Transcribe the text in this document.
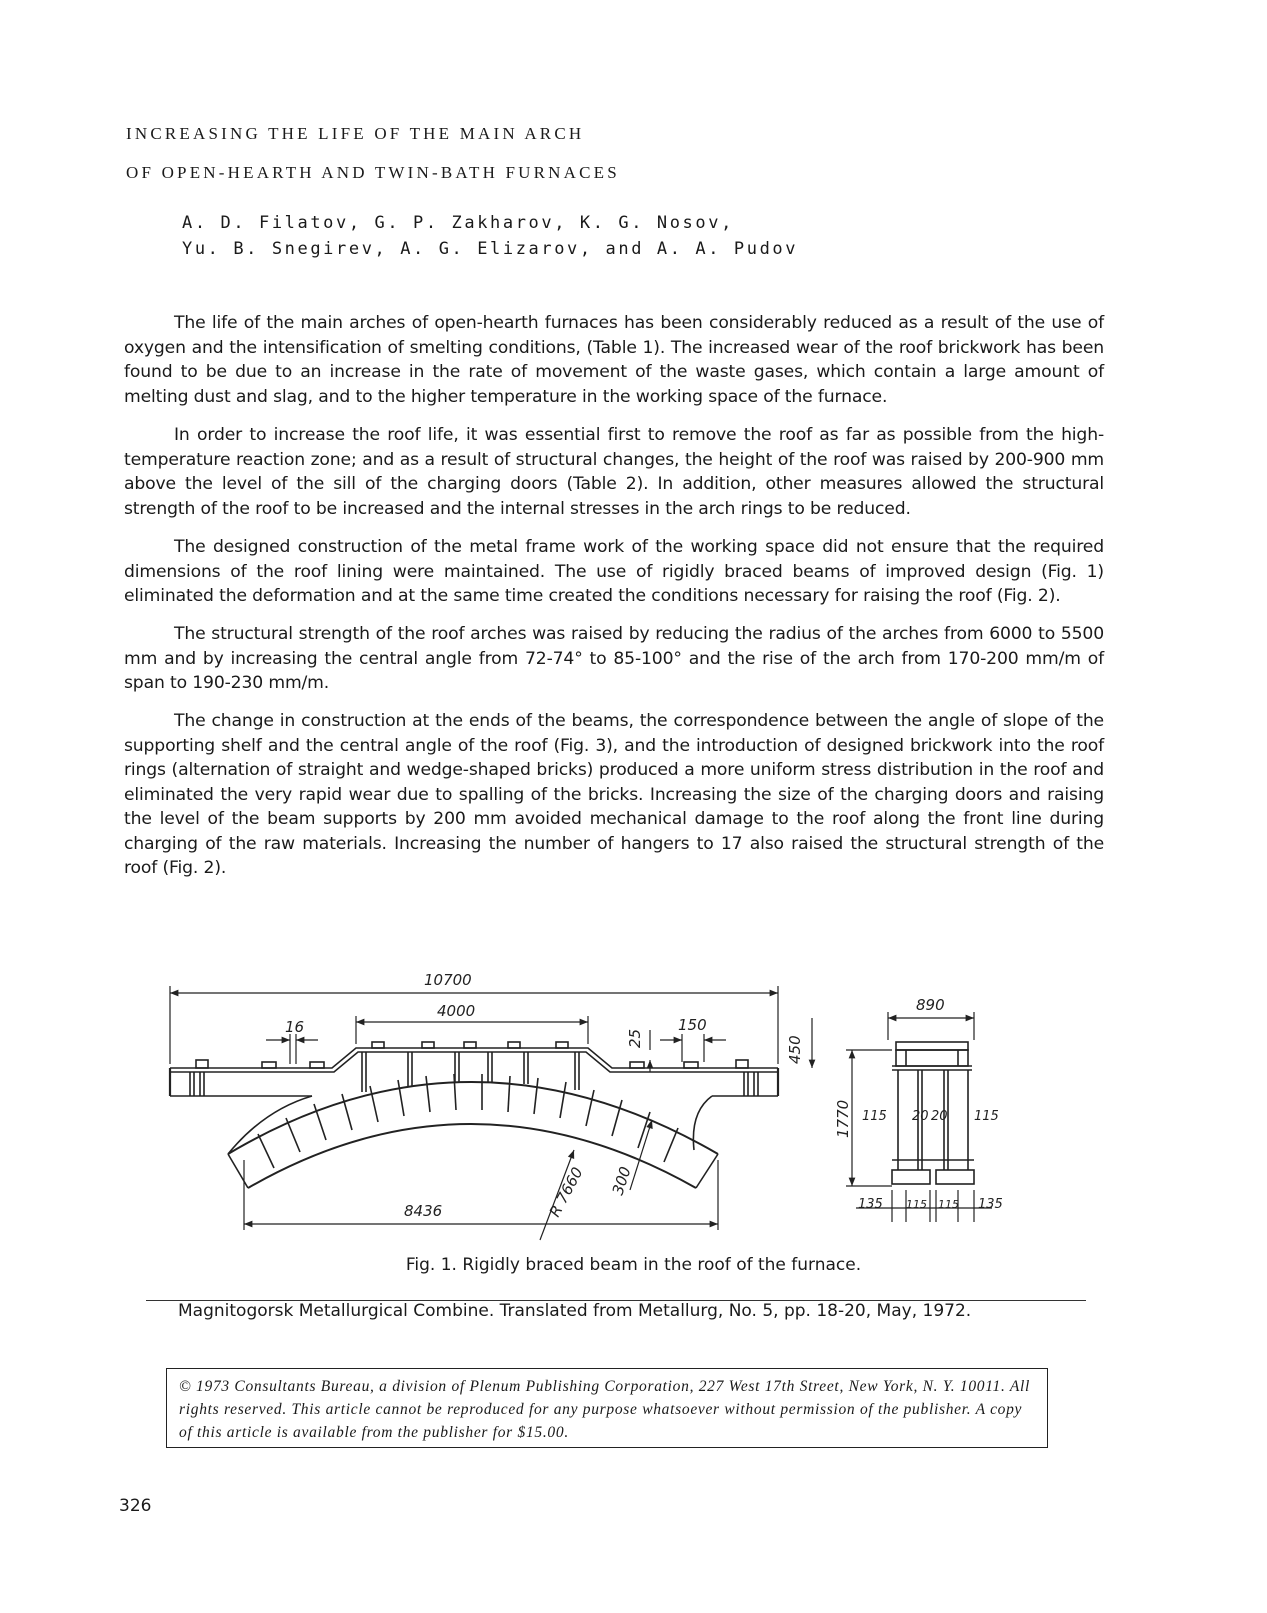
INCREASING THE LIFE OF THE MAIN ARCH
OF OPEN-HEARTH AND TWIN-BATH FURNACES
A. D. Filatov, G. P. Zakharov, K. G. Nosov,
Yu. B. Snegirev, A. G. Elizarov, and A. A. Pudov

The life of the main arches of open-hearth furnaces has been considerably reduced as a result of the use of oxygen and the intensification of smelting conditions, (Table 1). The increased wear of the roof brickwork has been found to be due to an increase in the rate of movement of the waste gases, which contain a large amount of melting dust and slag, and to the higher temperature in the working space of the furnace.

In order to increase the roof life, it was essential first to remove the roof as far as possible from the high-temperature reaction zone; and as a result of structural changes, the height of the roof was raised by 200-900 mm above the level of the sill of the charging doors (Table 2). In addition, other measures allowed the structural strength of the roof to be increased and the internal stresses in the arch rings to be reduced.

The designed construction of the metal frame work of the working space did not ensure that the required dimensions of the roof lining were maintained. The use of rigidly braced beams of improved design (Fig. 1) eliminated the deformation and at the same time created the conditions necessary for raising the roof (Fig. 2).

The structural strength of the roof arches was raised by reducing the radius of the arches from 6000 to 5500 mm and by increasing the central angle from 72-74° to 85-100° and the rise of the arch from 170-200 mm/m of span to 190-230 mm/m.

The change in construction at the ends of the beams, the correspondence between the angle of slope of the supporting shelf and the central angle of the roof (Fig. 3), and the introduction of designed brickwork into the roof rings (alternation of straight and wedge-shaped bricks) produced a more uniform stress distribution in the roof and eliminated the very rapid wear due to spalling of the bricks. Increasing the size of the charging doors and raising the level of the beam supports by 200 mm avoided mechanical damage to the roof along the front line during charging of the raw materials. Increasing the number of hangers to 17 also raised the structural strength of the roof (Fig. 2).

10700
4000
16
25
150
450
8436	R 7660 300
890
1770 115 20 20 115
135 115 115 135
Fig. 1. Rigidly braced beam in the roof of the furnace.
Magnitogorsk Metallurgical Combine. Translated from Metallurg, No. 5, pp. 18-20, May, 1972.
© 1973 Consultants Bureau, a division of Plenum Publishing Corporation, 227 West 17th Street, New York, N. Y. 10011. All rights reserved. This article cannot be reproduced for any purpose whatsoever without permission of the publisher. A copy of this article is available from the publisher for $15.00.
326
